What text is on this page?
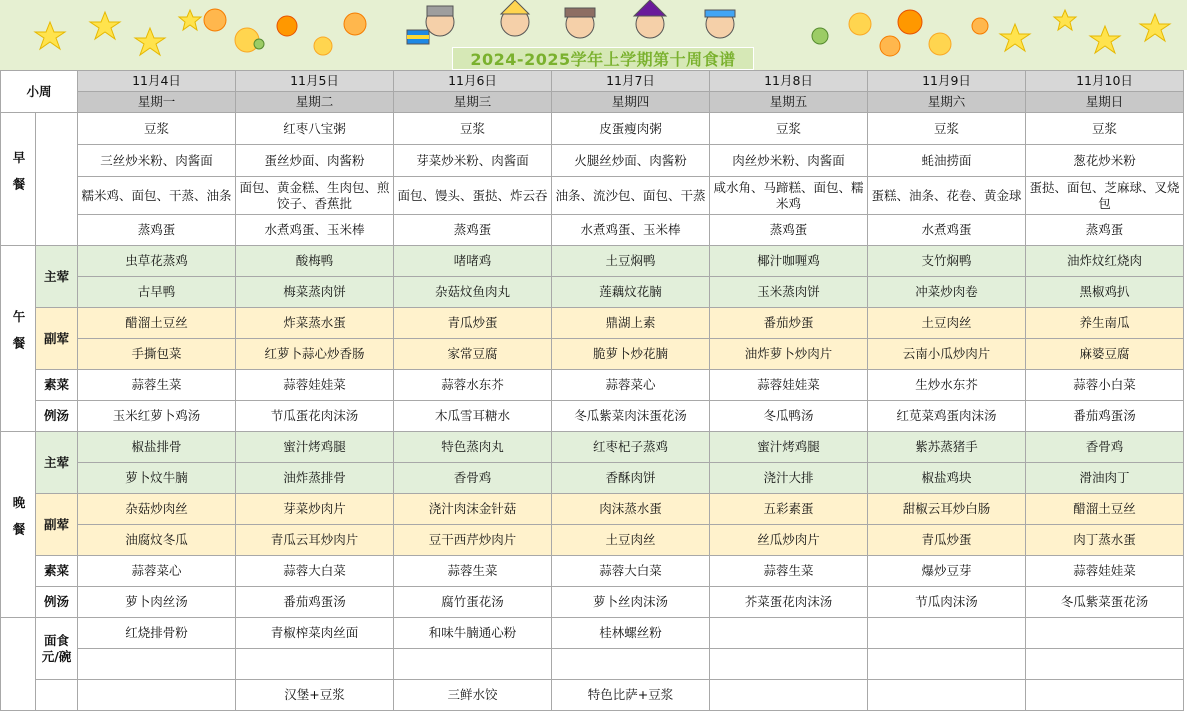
2024-2025学年上学期第十周食谱
小周		11月4日	11月5日	11月6日	11月7日	11月8日	11月9日	11月10日
		星期一	星期二	星期三	星期四	星期五	星期六	星期日
早餐		豆浆	红枣八宝粥	豆浆	皮蛋瘦肉粥	豆浆	豆浆	豆浆
		三丝炒米粉、肉酱面	蛋丝炒面、肉酱粉	芽菜炒米粉、肉酱面	火腿丝炒面、肉酱粉	肉丝炒米粉、肉酱面	蚝油捞面	葱花炒米粉
		糯米鸡、面包、干蒸、油条	面包、黄金糕、生肉包、煎饺子、香蕉批	面包、馒头、蛋挞、炸云吞	油条、流沙包、面包、干蒸	咸水角、马蹄糕、面包、糯米鸡	蛋糕、油条、花卷、黄金球	蛋挞、面包、芝麻球、叉烧包
		蒸鸡蛋	水煮鸡蛋、玉米棒	蒸鸡蛋	水煮鸡蛋、玉米棒	蒸鸡蛋	水煮鸡蛋	蒸鸡蛋
午餐	主荤	虫草花蒸鸡	酸梅鸭	啫啫鸡	土豆焖鸭	椰汁咖喱鸡	支竹焖鸭	油炸炆红烧肉
		古早鸭	梅菜蒸肉饼	杂菇炆鱼肉丸	莲藕炆花腩	玉米蒸肉饼	冲菜炒肉卷	黑椒鸡扒
	副荤	醋溜土豆丝	炸菜蒸水蛋	青瓜炒蛋	鼎湖上素	番茄炒蛋	土豆肉丝	养生南瓜
		手撕包菜	红萝卜蒜心炒香肠	家常豆腐	脆萝卜炒花腩	油炸萝卜炒肉片	云南小瓜炒肉片	麻婆豆腐
	素菜	蒜蓉生菜	蒜蓉娃娃菜	蒜蓉水东芥	蒜蓉菜心	蒜蓉娃娃菜	生炒水东芥	蒜蓉小白菜
	例汤	玉米红萝卜鸡汤	节瓜蛋花肉沫汤	木瓜雪耳糖水	冬瓜紫菜肉沫蛋花汤	冬瓜鸭汤	红苋菜鸡蛋肉沫汤	番茄鸡蛋汤
晚餐	主荤	椒盐排骨	蜜汁烤鸡腿	特色蒸肉丸	红枣杞子蒸鸡	蜜汁烤鸡腿	紫苏蒸猪手	香骨鸡
		萝卜炆牛腩	油炸蒸排骨	香骨鸡	香酥肉饼	浇汁大排	椒盐鸡块	滑油肉丁
	副荤	杂菇炒肉丝	芽菜炒肉片	浇汁肉沫金针菇	肉沫蒸水蛋	五彩素蛋	甜椒云耳炒白肠	醋溜土豆丝
		油腐炆冬瓜	青瓜云耳炒肉片	豆干西芹炒肉片	土豆肉丝	丝瓜炒肉片	青瓜炒蛋	肉丁蒸水蛋
	素菜	蒜蓉菜心	蒜蓉大白菜	蒜蓉生菜	蒜蓉大白菜	蒜蓉生菜	爆炒豆芽	蒜蓉娃娃菜
	例汤	萝卜肉丝汤	番茄鸡蛋汤	腐竹蛋花汤	萝卜丝肉沫汤	芥菜蛋花肉沫汤	节瓜肉沫汤	冬瓜紫菜蛋花汤
	面食元/碗	红烧排骨粉	青椒榨菜肉丝面	和味牛腩通心粉	桂林螺丝粉			

			汉堡+豆浆	三鲜水饺	特色比萨+豆浆			
